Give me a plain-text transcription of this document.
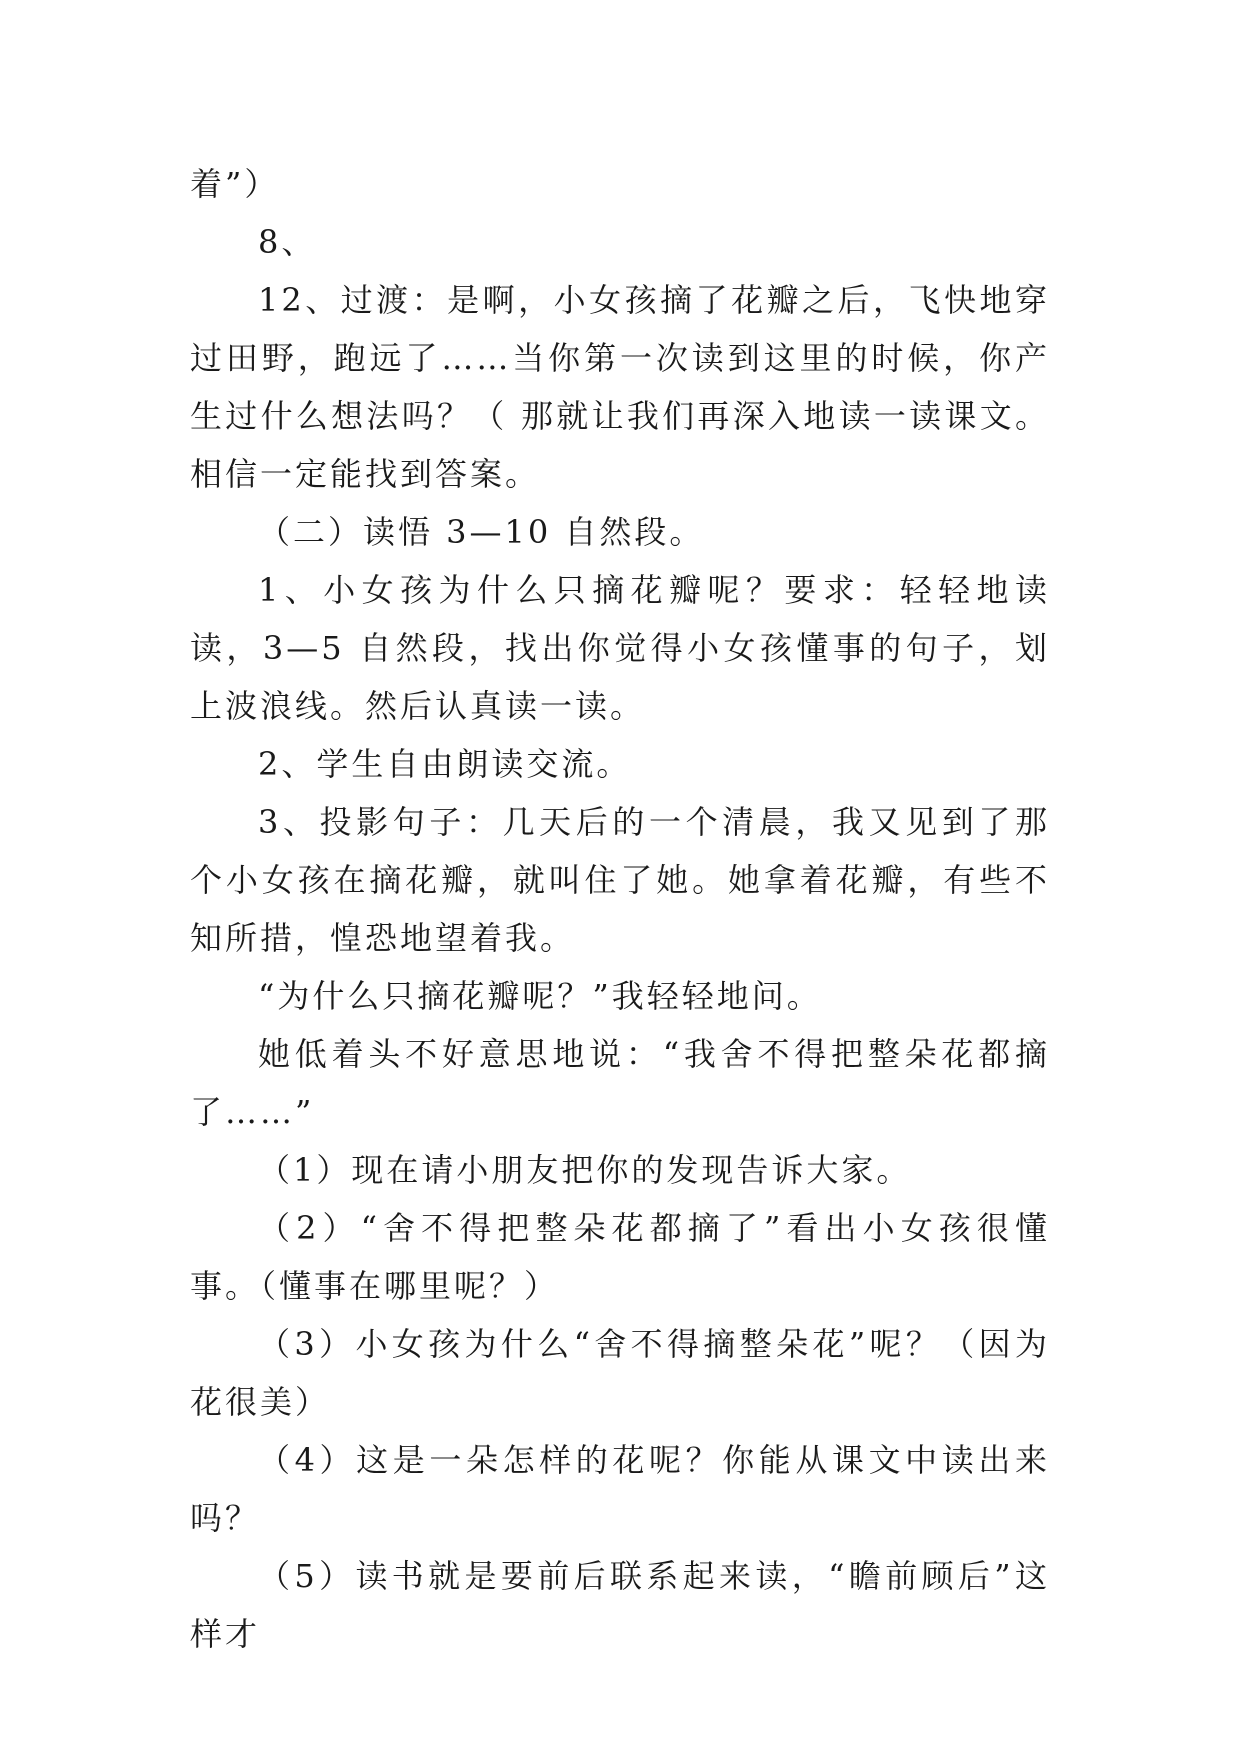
着”）

8、

12、过渡：是啊，小女孩摘了花瓣之后，飞快地穿过田野，跑远了……当你第一次读到这里的时候，你产生过什么想法吗？（ 那就让我们再深入地读一读课文。相信一定能找到答案。

（二）读悟 3—10 自然段。

1、小女孩为什么只摘花瓣呢？要求：轻轻地读读，3—5 自然段，找出你觉得小女孩懂事的句子，划上波浪线。然后认真读一读。

2、学生自由朗读交流。

3、投影句子：几天后的一个清晨，我又见到了那个小女孩在摘花瓣，就叫住了她。她拿着花瓣，有些不知所措，惶恐地望着我。

“为什么只摘花瓣呢？”我轻轻地问。

她低着头不好意思地说：“我舍不得把整朵花都摘了……”

（1）现在请小朋友把你的发现告诉大家。

（2）“舍不得把整朵花都摘了”看出小女孩很懂事。（懂事在哪里呢？）

（3）小女孩为什么“舍不得摘整朵花”呢？（因为花很美）

（4）这是一朵怎样的花呢？你能从课文中读出来吗？

（5）读书就是要前后联系起来读，“瞻前顾后”这样才
